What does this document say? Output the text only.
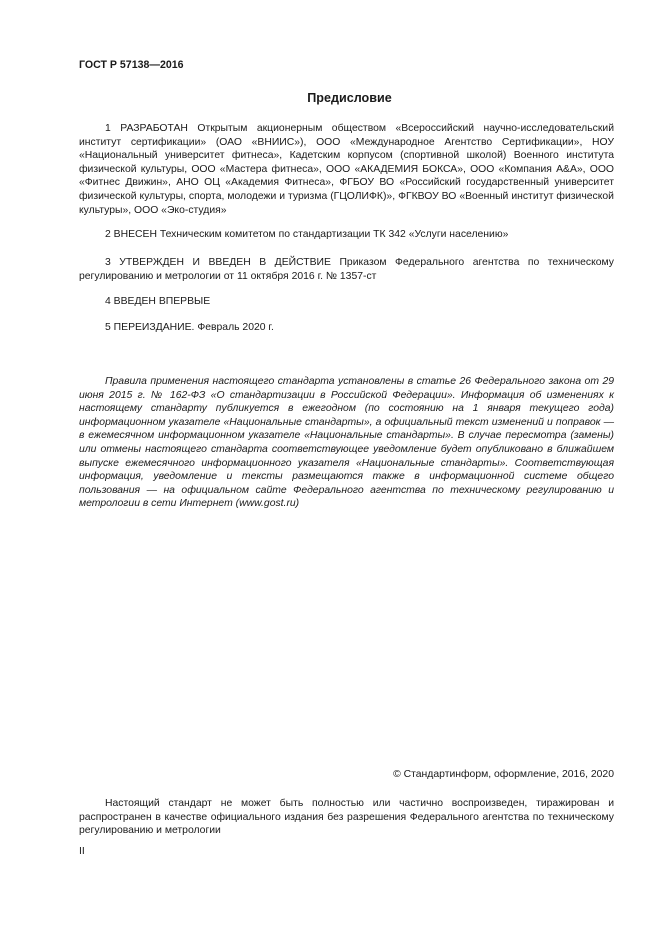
ГОСТ Р 57138—2016
Предисловие

1 РАЗРАБОТАН Открытым акционерным обществом «Всероссийский научно-исследовательский институт сертификации» (ОАО «ВНИИС»), ООО «Международное Агентство Сертификации», НОУ «Национальный университет фитнеса», Кадетским корпусом (спортивной школой) Военного института физической культуры, ООО «Мастера фитнеса», ООО «АКАДЕМИЯ БОКСА», ООО «Компания А&А», ООО «Фитнес Движин», АНО ОЦ «Академия Фитнеса», ФГБОУ ВО «Российский государственный университет физической культуры, спорта, молодежи и туризма (ГЦОЛИФК)», ФГКВОУ ВО «Военный институт физической культуры», ООО «Эко-студия»

2 ВНЕСЕН Техническим комитетом по стандартизации ТК 342 «Услуги населению»

3 УТВЕРЖДЕН И ВВЕДЕН В ДЕЙСТВИЕ Приказом Федерального агентства по техническому регулированию и метрологии от 11 октября 2016 г. № 1357-ст

4 ВВЕДЕН ВПЕРВЫЕ

5 ПЕРЕИЗДАНИЕ. Февраль 2020 г.

Правила применения настоящего стандарта установлены в статье 26 Федерального закона от 29 июня 2015 г. № 162-ФЗ «О стандартизации в Российской Федерации». Информация об изменениях к настоящему стандарту публикуется в ежегодном (по состоянию на 1 января текущего года) информационном указателе «Национальные стандарты», а официальный текст изменений и поправок — в ежемесячном информационном указателе «Национальные стандарты». В случае пересмотра (замены) или отмены настоящего стандарта соответствующее уведомление будет опубликовано в ближайшем выпуске ежемесячного информационного указателя «Национальные стандарты». Соответствующая информация, уведомление и тексты размещаются также в информационной системе общего пользования — на официальном сайте Федерального агентства по техническому регулированию и метрологии в сети Интернет (www.gost.ru)

© Стандартинформ, оформление, 2016, 2020

Настоящий стандарт не может быть полностью или частично воспроизведен, тиражирован и распространен в качестве официального издания без разрешения Федерального агентства по техническому регулированию и метрологии

II
